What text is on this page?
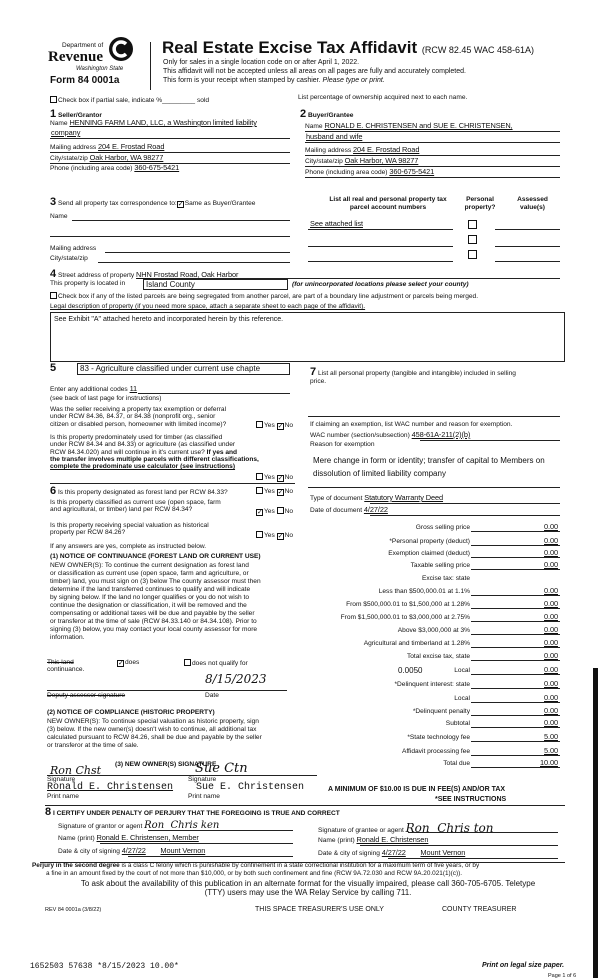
Department of
Revenue
Washington State
Form 84 0001a
Real Estate Excise Tax Affidavit (RCW 82.45 WAC 458-61A)
Only for sales in a single location code on or after April 1, 2022.
This affidavit will not be accepted unless all areas on all pages are fully and accurately completed.
This form is your receipt when stamped by cashier. Please type or print.
Check box if partial sale, indicate %_________ sold	List percentage of ownership acquired next to each name.
1 Seller/Grantor
Name HENNING FARM LAND, LLC, a Washington limited liability
company
Mailing address 204 E. Frostad Road
City/state/zip Oak Harbor, WA 98277
Phone (including area code) 360-675-5421
2 Buyer/Grantee
Name RONALD E. CHRISTENSEN and SUE E. CHRISTENSEN,
husband and wife
Mailing address 204 E. Frostad Road
City/state/zip Oak Harbor, WA 98277
Phone (including area code) 360-675-5421
3 Send all property tax correspondence to:✓Same as Buyer/Grantee
Name
Mailing address
City/state/zip
List all real and personal property tax
parcel account numbers
Personal
property?
Assessed
value(s)
See attached list
4 Street address of property NHN Frostad Road, Oak Harbor
This property is located in	Island County	(for unincorporated locations please select your county)
Check box if any of the listed parcels are being segregated from another parcel, are part of a boundary line adjustment or parcels being merged.
Legal description of property (if you need more space, attach a separate sheet to each page of the affidavit).
See Exhibit "A" attached hereto and incorporated herein by this reference.
5	83 - Agriculture classified under current use chapte
Enter any additional codes 11
(see back of last page for instructions)
Was the seller receiving a property tax exemption or deferral
under RCW 84.36, 84.37, or 84.38 (nonprofit org., senior
citizen or disabled person, homeowner with limited income)?	Yes ✓No
Is this property predominately used for timber (as classified
under RCW 84.34 and 84.33) or agriculture (as classified under
RCW 84.34.020) and will continue in it's current use? If yes and
the transfer involves multiple parcels with different classifications,
complete the predominate use calculator (see instructions)
Yes ✓No
6 Is this property designated as forest land per RCW 84.33?	Yes ✓No
Is this property classified as current use (open space, farm
and agricultural, or timber) land per RCW 84.34?	✓Yes No
Is this property receiving special valuation as historical
property per RCW 84.26?	Yes ✓No
If any answers are yes, complete as instructed below.
(1) NOTICE OF CONTINUANCE (FOREST LAND OR CURRENT USE)
NEW OWNER(S): To continue the current designation as forest land
or classification as current use (open space, farm and agriculture, or
timber) land, you must sign on (3) below The county assessor must then
determine if the land transferred continues to qualify and will indicate
by signing below. If the land no longer qualifies or you do not wish to
continue the designation or classification, it will be removed and the
compensating or additional taxes will be due and payable by the seller
or transferor at the time of sale (RCW 84.33.140 or 84.34.108). Prior to
signing (3) below, you may contact your local county assessor for more
information.
This land
continuance.
✓does	does not qualify for
8/15/2023
Deputy assessor signature	Date
(2) NOTICE OF COMPLIANCE (HISTORIC PROPERTY)
NEW OWNER(S): To continue special valuation as historic property, sign
(3) below. If the new owner(s) doesn't wish to continue, all additional tax
calculated pursuant to RCW 84.26, shall be due and payable by the seller
or transferor at the time of sale.
(3) NEW OWNER(S) SIGNATURE
Ron Chst	Sue Ctn
Signature	Signature
Ronald E. Christensen Sue E. Christensen
Print name	Print name
7 List all personal property (tangible and intangible) included in selling
price.
If claiming an exemption, list WAC number and reason for exemption.
WAC number (section/subsection) 458-61A-211(2)(b)
Reason for exemption
Mere change in form or identity; transfer of capital to Members on
dissolution of limited liability company
Type of document Statutory Warranty Deed
Date of document 4/27/22
Gross selling price	0.00
*Personal property (deduct)	0.00
Exemption claimed (deduct)	0.00
Taxable selling price	0.00
Excise tax: state
Less than $500,000.01 at 1.1%	0.00
From $500,000.01 to $1,500,000 at 1.28%	0.00
From $1,500,000.01 to $3,000,000 at 2.75%	0.00
Above $3,000,000 at 3%	0.00
Agricultural and timberland at 1.28%	0.00
Total excise tax, state	0.00
Local	0.00
0.0050
*Delinquent interest: state	0.00
Local	0.00
*Delinquent penalty	0.00
Subtotal	0.00
*State technology fee	5.00
Affidavit processing fee	5.00
Total due	10.00
A MINIMUM OF $10.00 IS DUE IN FEE(S) AND/OR TAX
*SEE INSTRUCTIONS
8 I CERTIFY UNDER PENALTY OF PERJURY THAT THE FOREGOING IS TRUE AND CORRECT
Signature of grantor or agent Ron  Chris ken	Signature of grantee or agent Ron  Chris ton
Name (print) Ronald E. Christensen, Member	Name (print) Ronald E. Christensen
Date & city of signing 4/27/22 Mount Vernon	Date & city of signing 4/27/22 Mount Vernon
Perjury in the second degree is a class C felony which is punishable by confinement in a state correctional institution for a maximum term of five years, or by
a fine in an amount fixed by the court of not more than $10,000, or by both such confinement and fine (RCW 9A.72.030 and RCW 9A.20.021(1)(c)).
To ask about the availability of this publication in an alternate format for the visually impaired, please call 360-705-6705. Teletype
(TTY) users may use the WA Relay Service by calling 711.
REV 84 0001a (3/8/22)	THIS SPACE TREASURER'S USE ONLY	COUNTY TREASURER
1652503 57638 *8/15/2023 10.00*	Print on legal size paper.
Page 1 of 6
